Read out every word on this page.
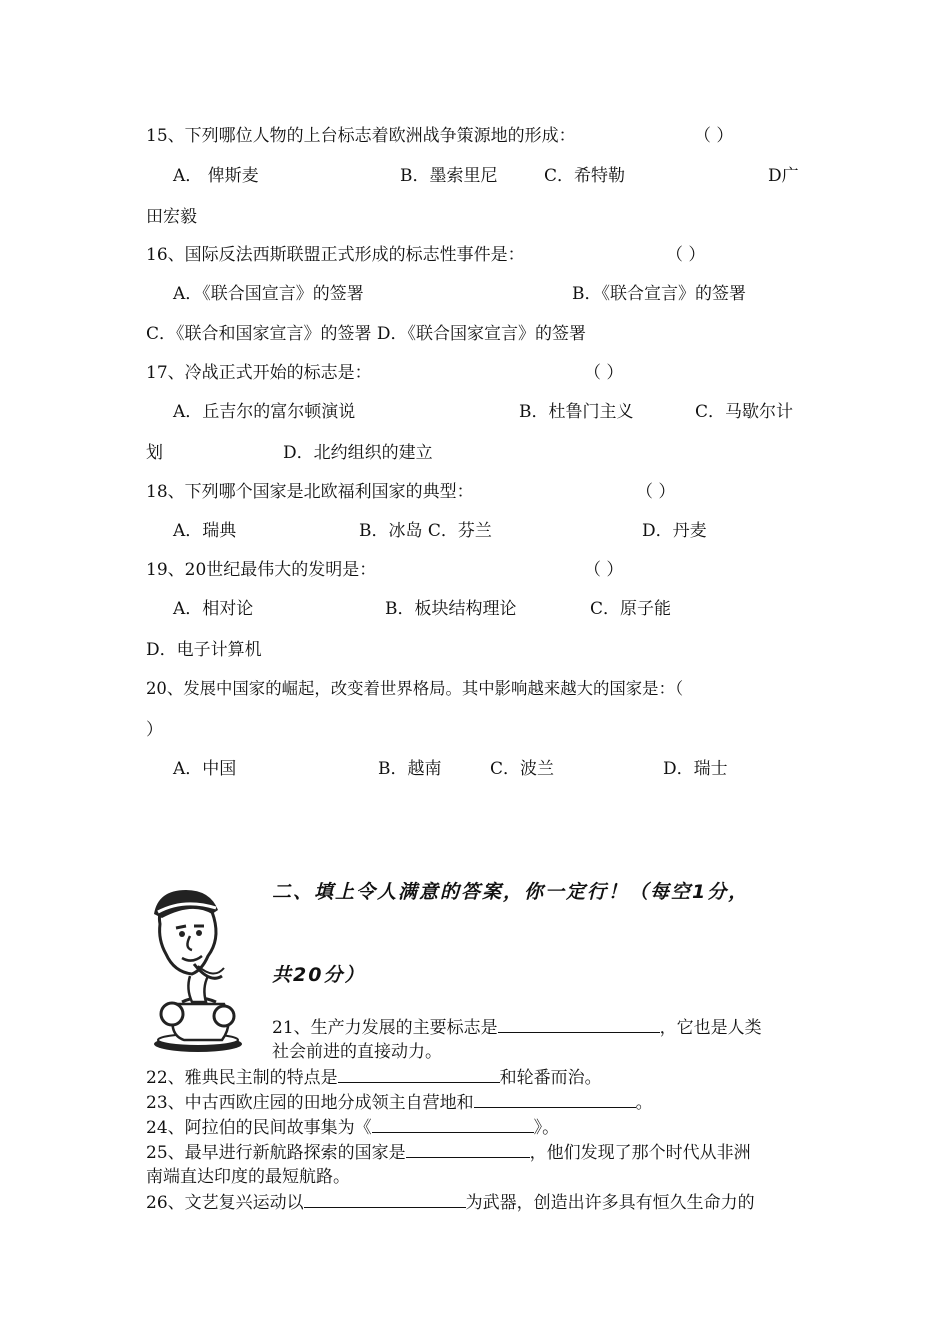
15、下列哪位人物的上台标志着欧洲战争策源地的形成：	（ ）
A． 俾斯麦	B．墨索里尼	C．希特勒	D广
田宏毅
16、国际反法西斯联盟正式形成的标志性事件是：	（ ）
A．《联合国宣言》的签署	B．《联合宣言》的签署
C．《联合和国家宣言》的签署 D．《联合国家宣言》的签署
17、冷战正式开始的标志是：	（ ）
A．丘吉尔的富尔顿演说	B．杜鲁门主义	C．马歇尔计
划	D．北约组织的建立
18、下列哪个国家是北欧福利国家的典型：	（ ）
A．瑞典	B．冰岛 C．芬兰	D．丹麦
19、20世纪最伟大的发明是：	（ ）
A．相对论	B．板块结构理论	C．原子能
D．电子计算机
20、发展中国家的崛起，改变着世界格局。其中影响越来越大的国家是：（
）
A．中国	B．越南	C．波兰	D．瑞士
二、填上令人满意的答案，你一定行！（每空1分，
共20分）
21、生产力发展的主要标志是	，它也是人类
社会前进的直接动力。
22、雅典民主制的特点是	和轮番而治。
23、中古西欧庄园的田地分成领主自营地和	。
24、阿拉伯的民间故事集为《	》。
25、最早进行新航路探索的国家是	，他们发现了那个时代从非洲
南端直达印度的最短航路。
26、文艺复兴运动以	为武器，创造出许多具有恒久生命力的
